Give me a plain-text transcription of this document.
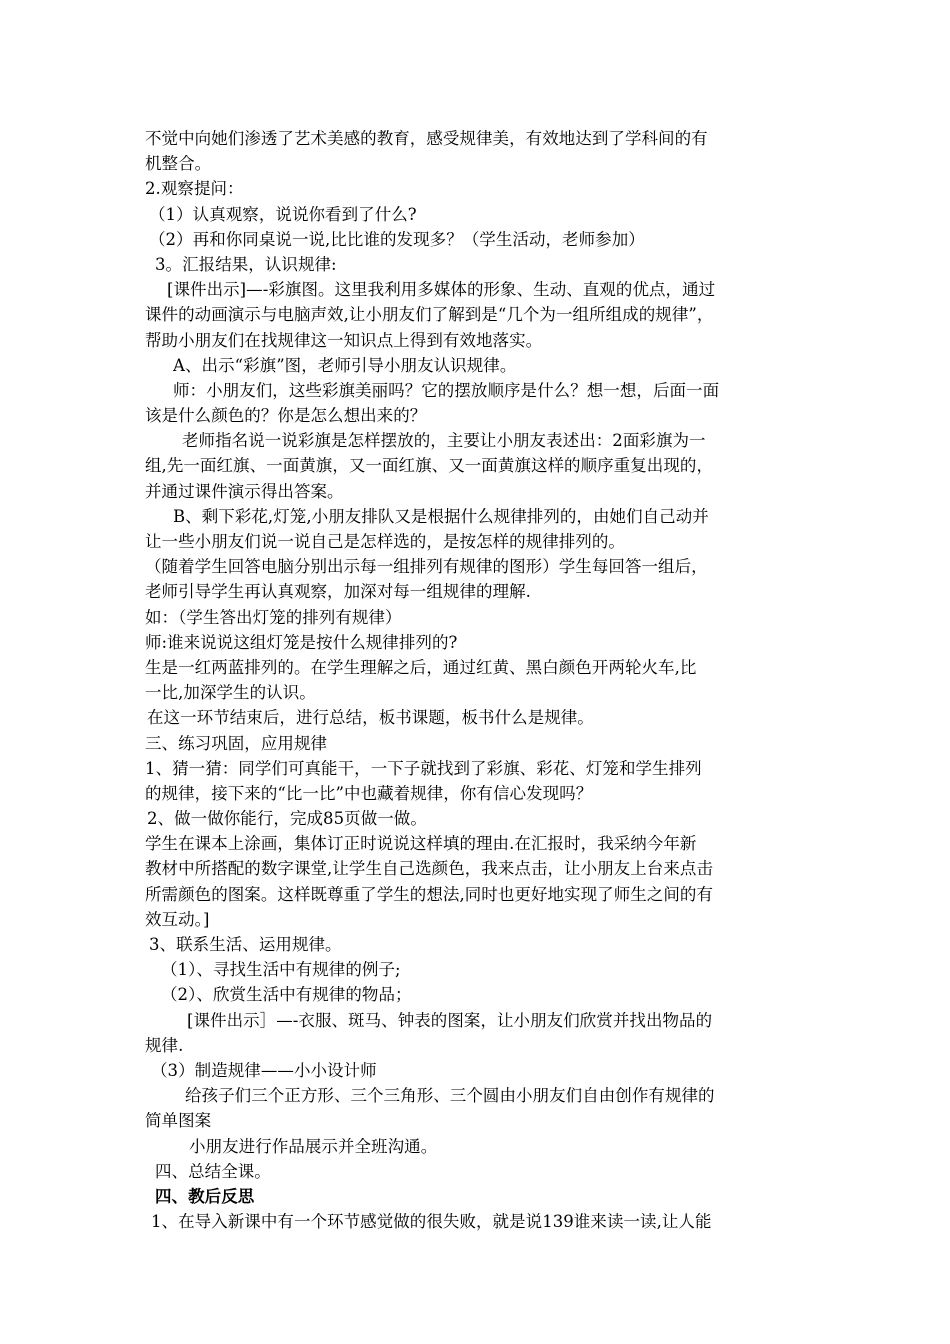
不觉中向她们渗透了艺术美感的教育，感受规律美，有效地达到了学科间的有
机整合。
2.观察提问：
（1）认真观察，说说你看到了什么?
（2）再和你同桌说一说,比比谁的发现多？（学生活动，老师参加）
3。汇报结果，认识规律:
[课件出示]—-彩旗图。这里我利用多媒体的形象、生动、直观的优点，通过
课件的动画演示与电脑声效,让小朋友们了解到是“几个为一组所组成的规律”，
帮助小朋友们在找规律这一知识点上得到有效地落实。
A、出示“彩旗”图，老师引导小朋友认识规律。
师：小朋友们，这些彩旗美丽吗？它的摆放顺序是什么？想一想，后面一面
该是什么颜色的？你是怎么想出来的？
老师指名说一说彩旗是怎样摆放的，主要让小朋友表述出：2面彩旗为一
组,先一面红旗、一面黄旗，又一面红旗、又一面黄旗这样的顺序重复出现的，
并通过课件演示得出答案。
B、剩下彩花,灯笼,小朋友排队又是根据什么规律排列的，由她们自己动并
让一些小朋友们说一说自己是怎样选的，是按怎样的规律排列的。
（随着学生回答电脑分别出示每一组排列有规律的图形）学生每回答一组后，
老师引导学生再认真观察，加深对每一组规律的理解.
如：（学生答出灯笼的排列有规律）
师:谁来说说这组灯笼是按什么规律排列的?
生是一红两蓝排列的。在学生理解之后，通过红黄、黑白颜色开两轮火车,比
一比,加深学生的认识。
在这一环节结束后，进行总结，板书课题，板书什么是规律。
三、练习巩固，应用规律
1、猜一猜：同学们可真能干，一下子就找到了彩旗、彩花、灯笼和学生排列
的规律，接下来的“比一比”中也藏着规律，你有信心发现吗？
2、做一做你能行，完成85页做一做。
学生在课本上涂画，集体订正时说说这样填的理由.在汇报时，我采纳今年新
教材中所搭配的数字课堂,让学生自己选颜色，我来点击，让小朋友上台来点击
所需颜色的图案。这样既尊重了学生的想法,同时也更好地实现了师生之间的有
效互动。]
3、联系生活、运用规律。
（1）、寻找生活中有规律的例子;
（2）、欣赏生活中有规律的物品；
[课件出示］—-衣服、斑马、钟表的图案，让小朋友们欣赏并找出物品的
规律.
（3）制造规律——小小设计师
给孩子们三个正方形、三个三角形、三个圆由小朋友们自由创作有规律的
简单图案
小朋友进行作品展示并全班沟通。
四、总结全课。
四、教后反思
1、在导入新课中有一个环节感觉做的很失败，就是说139谁来读一读,让人能
